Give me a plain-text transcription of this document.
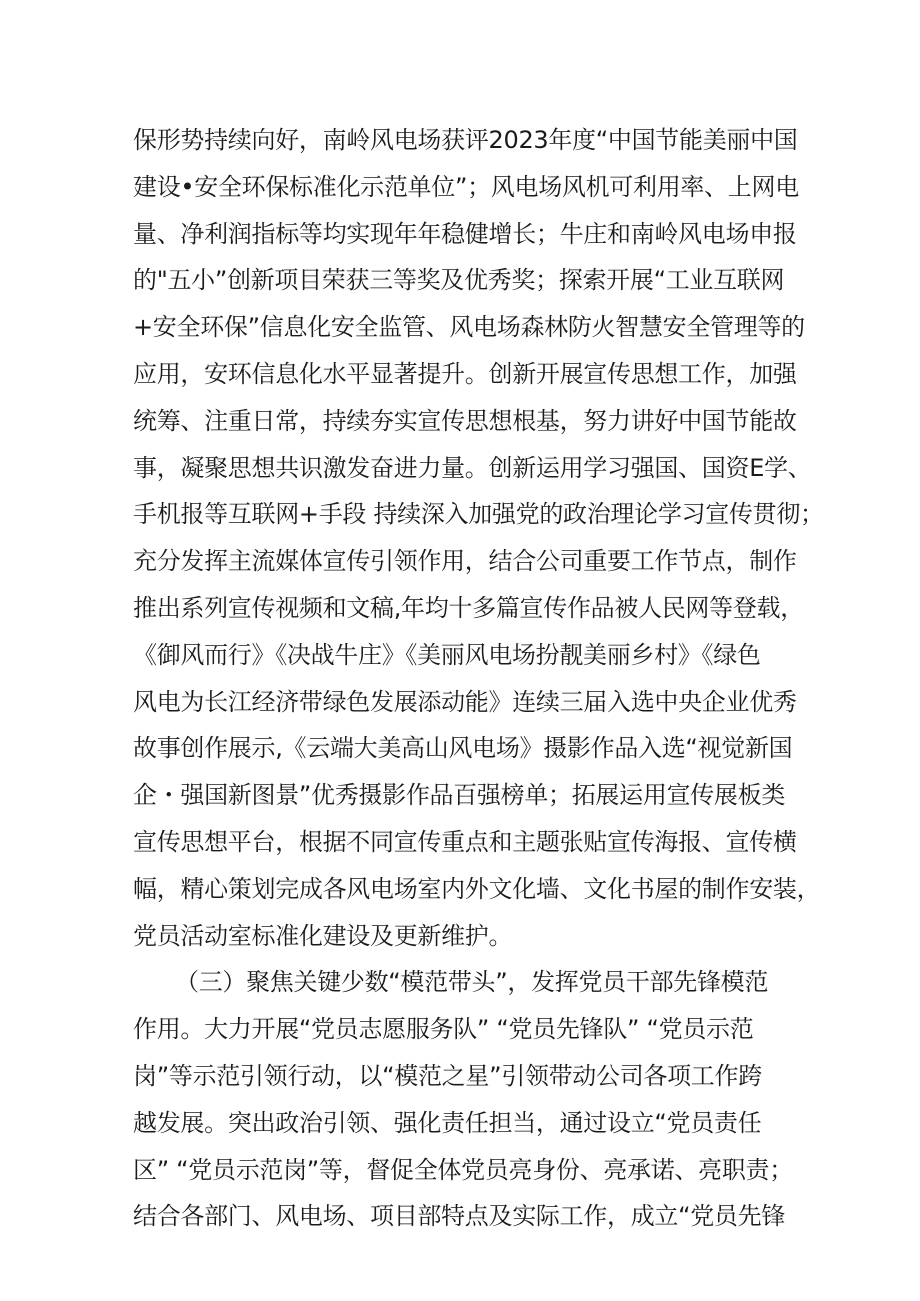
保形势持续向好，南岭风电场获评2023年度“中国节能美丽中国
建设•安全环保标准化示范单位”；风电场风机可利用率、上网电
量、净利润指标等均实现年年稳健增长；牛庄和南岭风电场申报
的"五小”创新项目荣获三等奖及优秀奖；探索开展“工业互联网
+安全环保”信息化安全监管、风电场森林防火智慧安全管理等的
应用，安环信息化水平显著提升。创新开展宣传思想工作，加强
统筹、注重日常，持续夯实宣传思想根基，努力讲好中国节能故
事，凝聚思想共识激发奋进力量。创新运用学习强国、国资E学、
手机报等互联网+手段 持续深入加强党的政治理论学习宣传贯彻；
充分发挥主流媒体宣传引领作用，结合公司重要工作节点，制作
推出系列宣传视频和文稿,年均十多篇宣传作品被人民网等登载，
《御风而行》《决战牛庄》《美丽风电场扮靓美丽乡村》《绿色
风电为长江经济带绿色发展添动能》连续三届入选中央企业优秀
故事创作展示,《云端大美高山风电场》摄影作品入选“视觉新国
企・强国新图景”优秀摄影作品百强榜单；拓展运用宣传展板类
宣传思想平台，根据不同宣传重点和主题张贴宣传海报、宣传横
幅，精心策划完成各风电场室内外文化墙、文化书屋的制作安装，
党员活动室标准化建设及更新维护。
（三）聚焦关键少数“模范带头”，发挥党员干部先锋模范
作用。大力开展“党员志愿服务队” “党员先锋队” “党员示范
岗”等示范引领行动，以“模范之星”引领带动公司各项工作跨
越发展。突出政治引领、强化责任担当，通过设立“党员责任
区” “党员示范岗”等，督促全体党员亮身份、亮承诺、亮职责；
结合各部门、风电场、项目部特点及实际工作，成立“党员先锋
